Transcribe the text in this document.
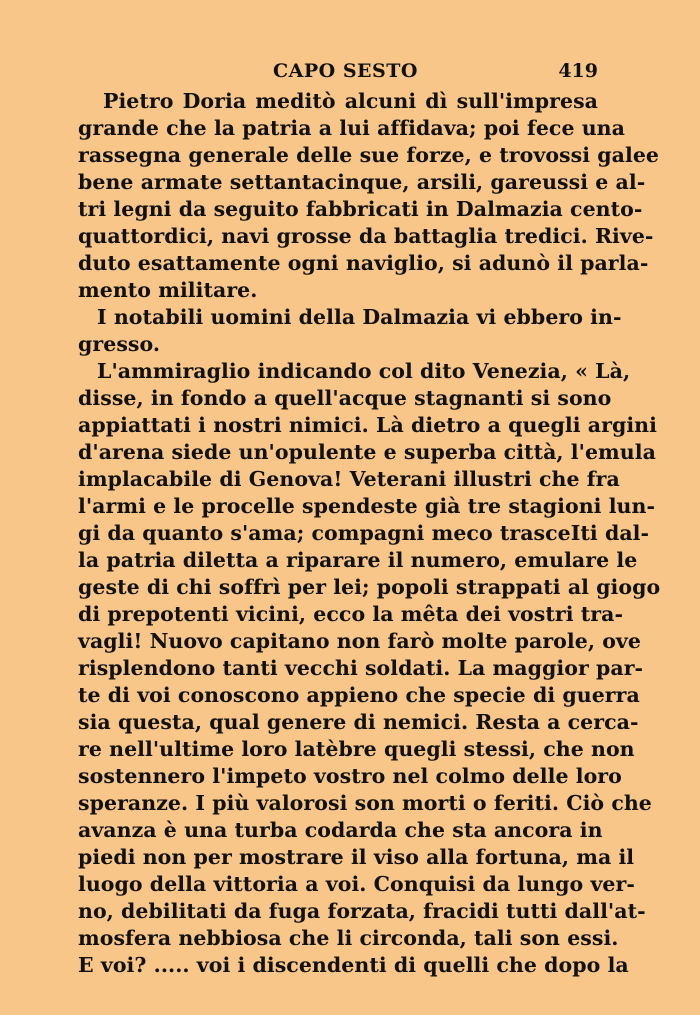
CAPO SESTO	419
Pietro Doria meditò alcuni dì sull'impresa
grande che la patria a lui affidava; poi fece una
rassegna generale delle sue forze, e trovossi galee
bene armate settantacinque, arsili, gareussi e al-
tri legni da seguito fabbricati in Dalmazia cento-
quattordici, navi grosse da battaglia tredici. Rive-
duto esattamente ogni naviglio, si adunò il parla-
mento militare.
I notabili uomini della Dalmazia vi ebbero in-
gresso.
L'ammiraglio indicando col dito Venezia, « Là,
disse, in fondo a quell'acque stagnanti si sono
appiattati i nostri nimici. Là dietro a quegli argini
d'arena siede un'opulente e superba città, l'emula
implacabile di Genova! Veterani illustri che fra
l'armi e le procelle spendeste già tre stagioni lun-
gi da quanto s'ama; compagni meco trasceIti dal-
la patria diletta a riparare il numero, emulare le
geste di chi soffrì per lei; popoli strappati al giogo
di prepotenti vicini, ecco la mêta dei vostri tra-
vagli! Nuovo capitano non farò molte parole, ove
risplendono tanti vecchi soldati. La maggior par-
te di voi conoscono appieno che specie di guerra
sia questa, qual genere di nemici. Resta a cerca-
re nell'ultime loro latèbre quegli stessi, che non
sostennero l'impeto vostro nel colmo delle loro
speranze. I più valorosi son morti o feriti. Ciò che
avanza è una turba codarda che sta ancora in
piedi non per mostrare il viso alla fortuna, ma il
luogo della vittoria a voi. Conquisi da lungo ver-
no, debilitati da fuga forzata, fracidi tutti dall'at-
mosfera nebbiosa che li circonda, tali son essi.
E voi? ..... voi i discendenti di quelli che dopo la
